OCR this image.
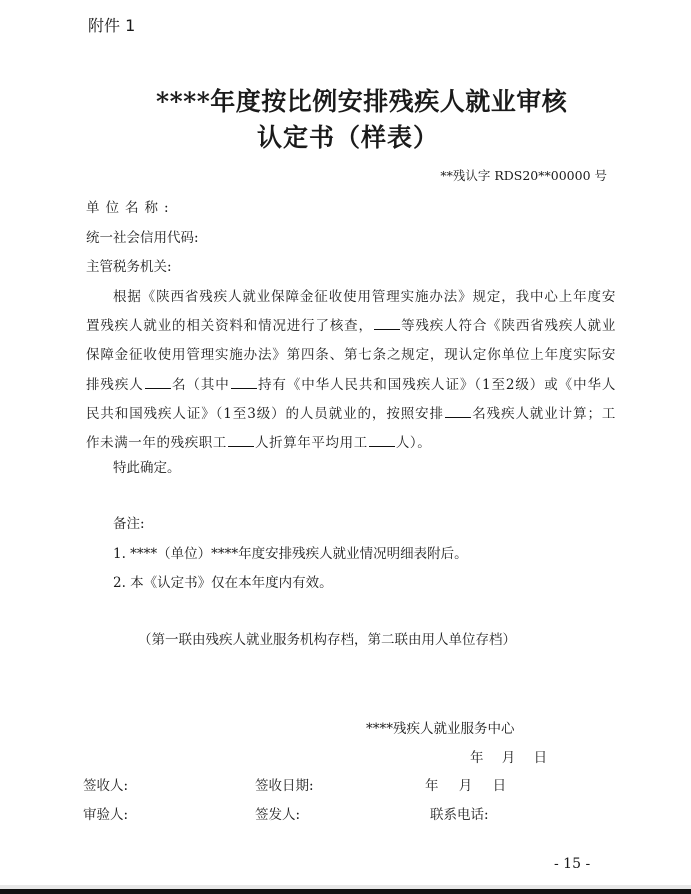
附件 1
****年度按比例安排残疾人就业审核
认定书（样表）
**残认字 RDS20**00000 号
单位名称:
统一社会信用代码:
主管税务机关:
根据《陕西省残疾人就业保障金征收使用管理实施办法》规定，我中心上年度安置残疾人就业的相关资料和情况进行了核查， 等残疾人符合《陕西省残疾人就业保障金征收使用管理实施办法》第四条、第七条之规定，现认定你单位上年度实际安排残疾人 名（其中 持有《中华人民共和国残疾人证》（1至2级）或《中华人民共和国残疾人证》（1至3级）的人员就业的，按照安排 名残疾人就业计算；工作未满一年的残疾职工 人折算年平均用工 人）。
特此确定。
备注:
1. ****（单位）****年度安排残疾人就业情况明细表附后。
2. 本《认定书》仅在本年度内有效。
（第一联由残疾人就业服务机构存档，第二联由用人单位存档）
****残疾人就业服务中心
年 月 日
签收人:	签收日期:	年 月 日
审验人:	签发人:	联系电话:
- 15 -
